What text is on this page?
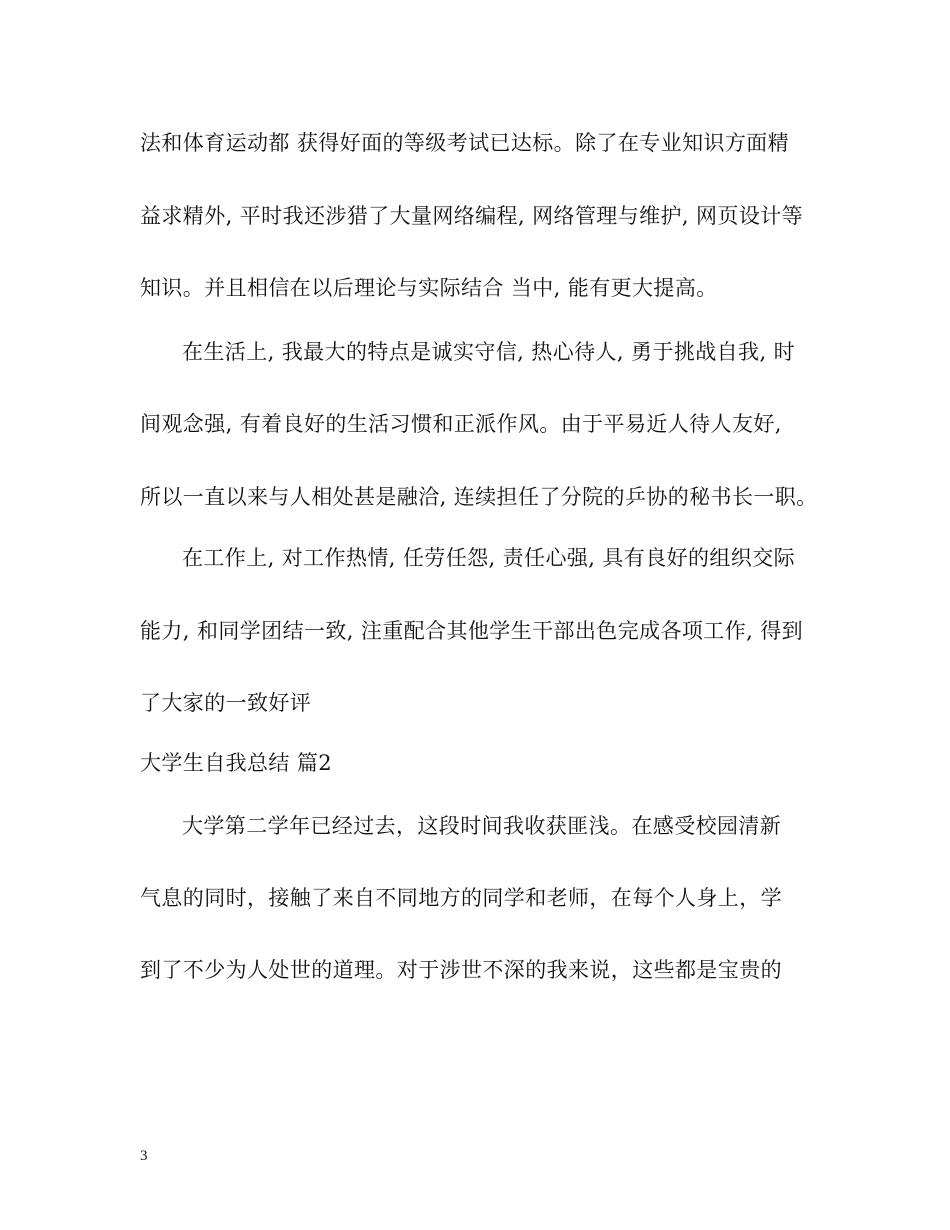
法和体育运动都 获得好面的等级考试已达标。除了在专业知识方面精
益求精外, 平时我还涉猎了大量网络编程, 网络管理与维护, 网页设计等
知识。并且相信在以后理论与实际结合 当中, 能有更大提高。
在生活上, 我最大的特点是诚实守信, 热心待人, 勇于挑战自我, 时
间观念强, 有着良好的生活习惯和正派作风。由于平易近人待人友好,
所以一直以来与人相处甚是融洽, 连续担任了分院的乒协的秘书长一职。
在工作上, 对工作热情, 任劳任怨, 责任心强, 具有良好的组织交际
能力, 和同学团结一致, 注重配合其他学生干部出色完成各项工作, 得到
了大家的一致好评
大学生自我总结 篇2
大学第二学年已经过去，这段时间我收获匪浅。在感受校园清新
气息的同时，接触了来自不同地方的同学和老师，在每个人身上，学
到了不少为人处世的道理。对于涉世不深的我来说，这些都是宝贵的
3
